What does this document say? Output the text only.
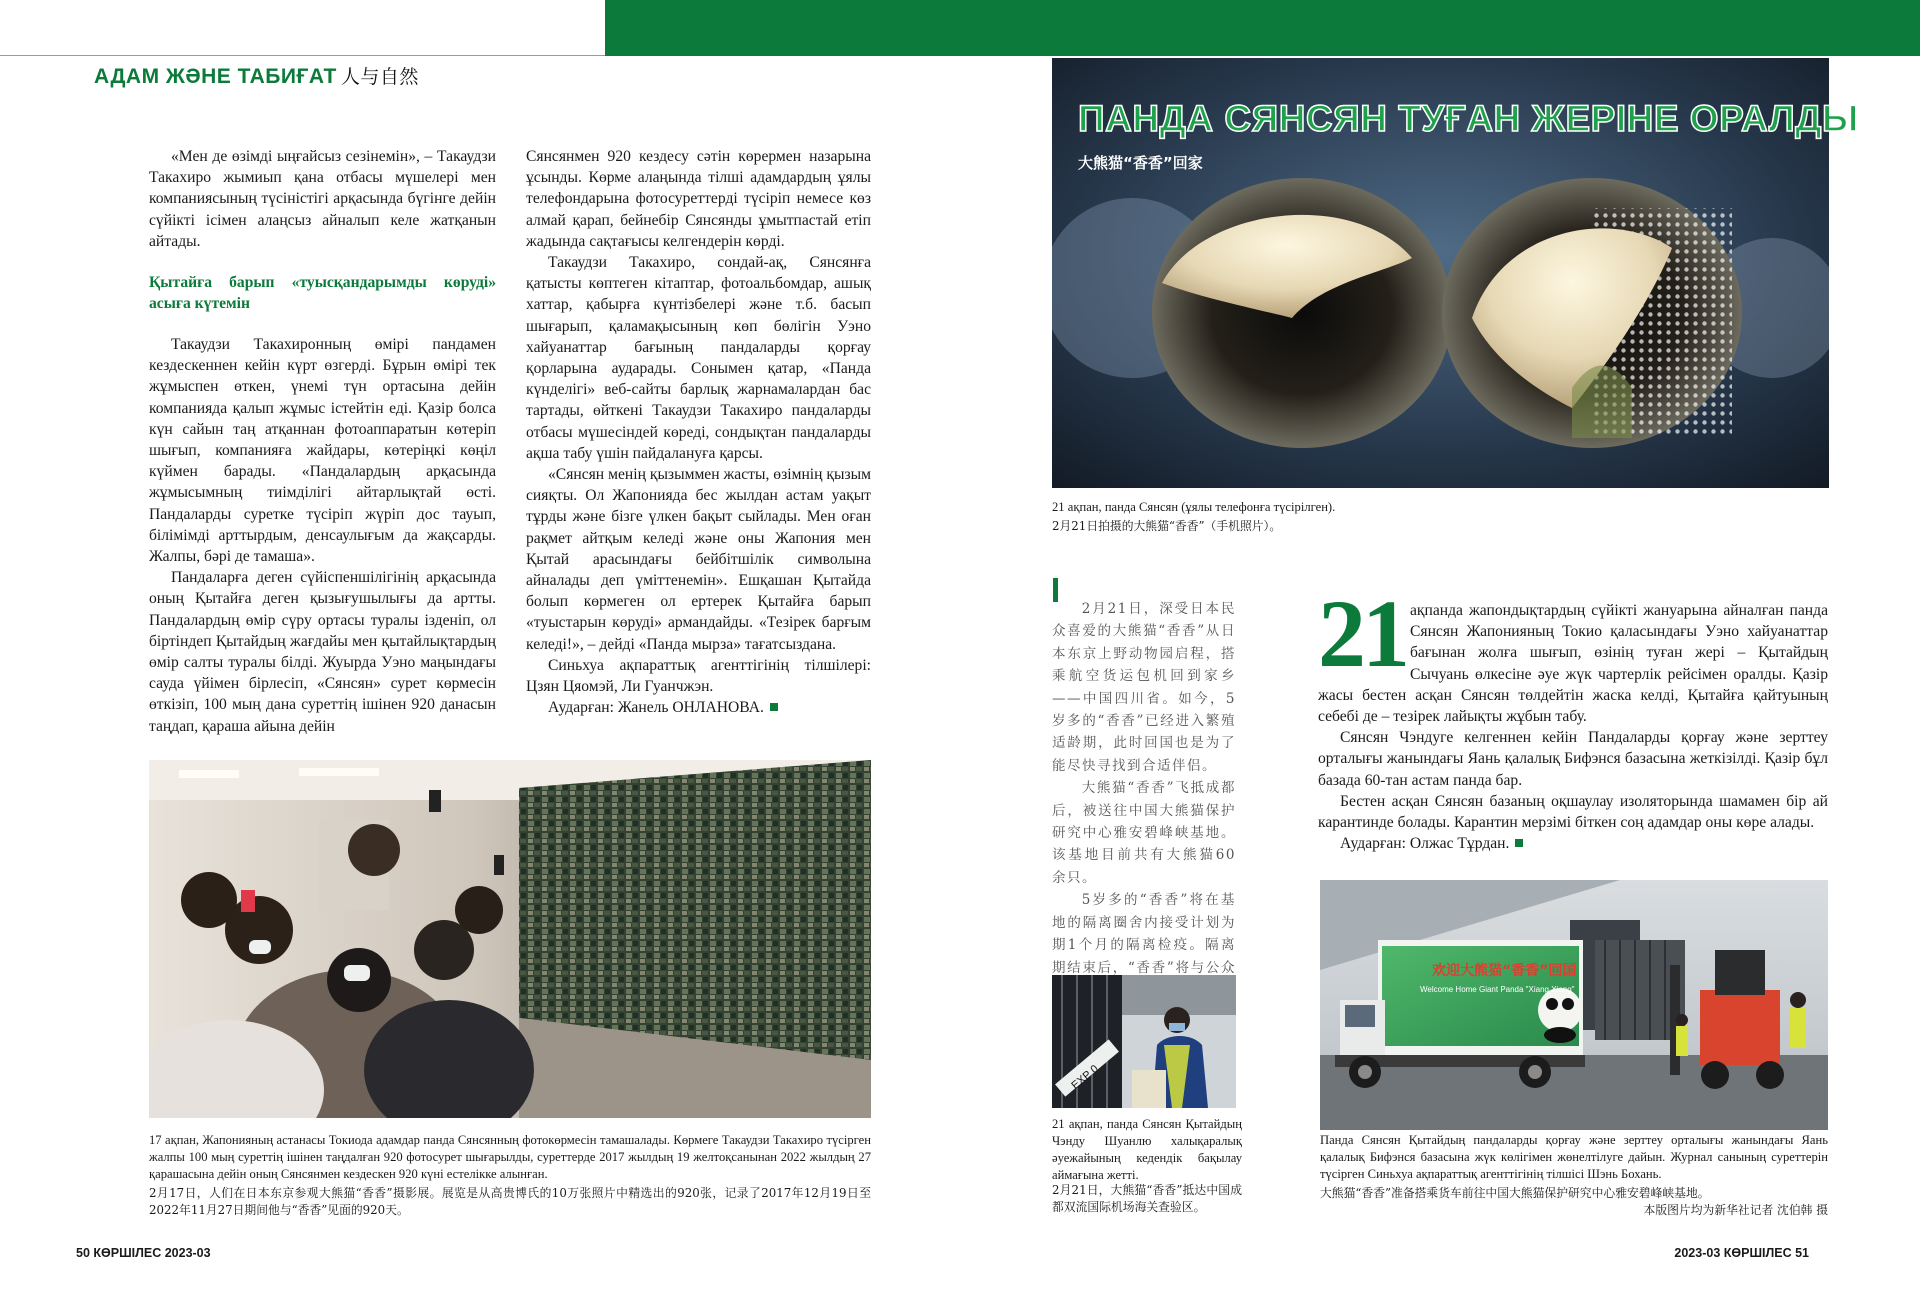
АДАМ ЖӘНЕ ТАБИҒАТ 人与自然

«Мен де өзімді ыңғайсыз сезінемін», – Такаудзи Такахиро жымиып қана отбасы мүшелері мен компаниясының түсіністігі арқасында бүгінге дейін сүйікті ісімен алаңсыз айналып келе жатқанын айтады.

Қытайға барып «туысқандарымды көруді» асыға күтемін

Такаудзи Такахиронның өмірі пандамен кездескеннен кейін күрт өзгерді. Бұрын өмірі тек жұмыспен өткен, үнемі түн ортасына дейін компанияда қалып жұмыс істейтін еді. Қазір болса күн сайын таң атқаннан фотоаппаратын көтеріп шығып, компанияға жайдары, көтеріңкі көңіл күймен барады. «Пандалардың арқасында жұмысымның тиімділігі айтарлықтай өсті. Пандаларды суретке түсіріп жүріп дос тауып, білімімді арттырдым, денсаулығым да жақсарды. Жалпы, бәрі де тамаша».

Пандаларға деген сүйіспеншілігінің арқасында оның Қытайға деген қызығушылығы да артты. Пандалардың өмір сүру ортасы туралы ізденіп, ол біртіндеп Қытайдың жағдайы мен қытайлықтардың өмір салты туралы білді. Жуырда Уэно маңындағы сауда үйімен бірлесіп, «Сянсян» сурет көрмесін өткізіп, 100 мың дана суреттің ішінен 920 данасын таңдап, қараша айына дейін

Сянсянмен 920 кездесу сәтін көрермен назарына ұсынды. Көрме алаңында тілші адамдардың ұялы телефондарына фотосуреттерді түсіріп немесе көз алмай қарап, бейнебір Сянсянды ұмытпастай етіп жадында сақтағысы келгендерін көрді.

Такаудзи Такахиро, сондай-ақ, Сянсянға қатысты көптеген кітаптар, фотоальбомдар, ашық хаттар, қабырға күнтізбелері және т.б. басып шығарып, қаламақысының көп бөлігін Уэно хайуанаттар бағының пандаларды қорғау қорларына аударады. Сонымен қатар, «Панда күнделігі» веб-сайты барлық жарнамалардан бас тартады, өйткені Такаудзи Такахиро пандаларды отбасы мүшесіндей көреді, сондықтан пандаларды ақша табу үшін пайдалануға қарсы.

«Сянсян менің қызыммен жасты, өзімнің қызым сияқты. Ол Жапонияда бес жылдан астам уақыт тұрды және бізге үлкен бақыт сыйлады. Мен оған рақмет айтқым келеді және оны Жапония мен Қытай арасындағы бейбітшілік символына айналады деп үміттенемін». Ешқашан Қытайда болып көрмеген ол ертерек Қытайға барып «туыстарын көруді» армандайды. «Тезірек барғым келеді!», – дейді «Панда мырза» тағатсыздана.

Синьхуа ақпараттық агенттігінің тілшілері: Цзян Цяомэй, Ли Гуанчжэн.

Аударған: Жанель ОНЛАНОВА.

17 ақпан, Жапонияның астанасы Токиода адамдар панда Сянсянның фотокөрмесін тамашалады. Көрмеге Такаудзи Такахиро түсірген жалпы 100 мың суреттің ішінен таңдалған 920 фотосурет шығарылды, суреттерде 2017 жылдың 19 желтоқсанынан 2022 жылдың 27 қарашасына дейін оның Сянсянмен кездескен 920 күні естелікке алынған.
2月17日，人们在日本东京参观大熊猫“香香”摄影展。展览是从高贵博氏的10万张照片中精选出的920张，记录了2017年12月19日至2022年11月27日期间他与“香香”见面的920天。
ПАНДА СЯНСЯН ТУҒАН ЖЕРІНЕ ОРАЛДЫ
大熊猫“香香”回家
21 ақпан, панда Сянсян (ұялы телефонға түсірілген).
2月21日拍摄的大熊猫“香香”（手机照片）。

2月21日，深受日本民众喜爱的大熊猫“香香”从日本东京上野动物园启程，搭乘航空货运包机回到家乡——中国四川省。如今，5岁多的“香香”已经进入繁殖适龄期，此时回国也是为了能尽快寻找到合适伴侣。

大熊猫“香香”飞抵成都后，被送往中国大熊猫保护研究中心雅安碧峰峡基地。该基地目前共有大熊猫60余只。

5岁多的“香香”将在基地的隔离圈舍内接受计划为期1个月的隔离检疫。隔离期结束后，“香香”将与公众

21 ақпанда жапондықтардың сүйікті жануарына айналған панда Сянсян Жапонияның Токио қаласындағы Уэно хайуанаттар бағынан жолға шығып, өзінің туған жері – Қытайдың Сычуань өлкесіне әуе жүк чартерлік рейсімен оралды. Қазір жасы бестен асқан Сянсян төлдейтін жаска келді, Қытайға қайтуының себебі де – тезірек лайықты жұбын табу.

Сянсян Чэндуге келгеннен кейін Пандаларды қорғау және зерттеу орталығы жанындағы Яань қалалық Бифэнся базасына жеткізілді. Қазір бұл базада 60-тан астам панда бар.

Бестен асқан Сянсян базаның оқшаулау изоляторында шамамен бір ай карантинде болады. Карантин мерзімі біткен соң адамдар оны көре алады.

Аударған: Олжас Тұрдан.

EXP 0
21 ақпан, панда Сянсян Қытайдың Чэнду Шуанлю халықаралық әуежайының кедендік бақылау аймағына жетті.
2月21日，大熊猫“香香”抵达中国成都双流国际机场海关查验区。
欢迎大熊猫“香香”回国
Welcome Home Giant Panda "Xiang Xiang"
Панда Сянсян Қытайдың пандаларды қорғау және зерттеу орталығы жанындағы Яань қалалық Бифэнся базасына жүк көлігімен жөнелтілуге дайын. Журнал санының суреттерін түсірген Синьхуа ақпараттық агенттігінің тілшісі Шэнь Бохань.
大熊猫“香香”准备搭乘货车前往中国大熊猫保护研究中心雅安碧峰峡基地。
本版图片均为新华社记者 沈伯韩 摄
50 КӨРШІЛЕС 2023-03	2023-03 КӨРШІЛЕС 51
